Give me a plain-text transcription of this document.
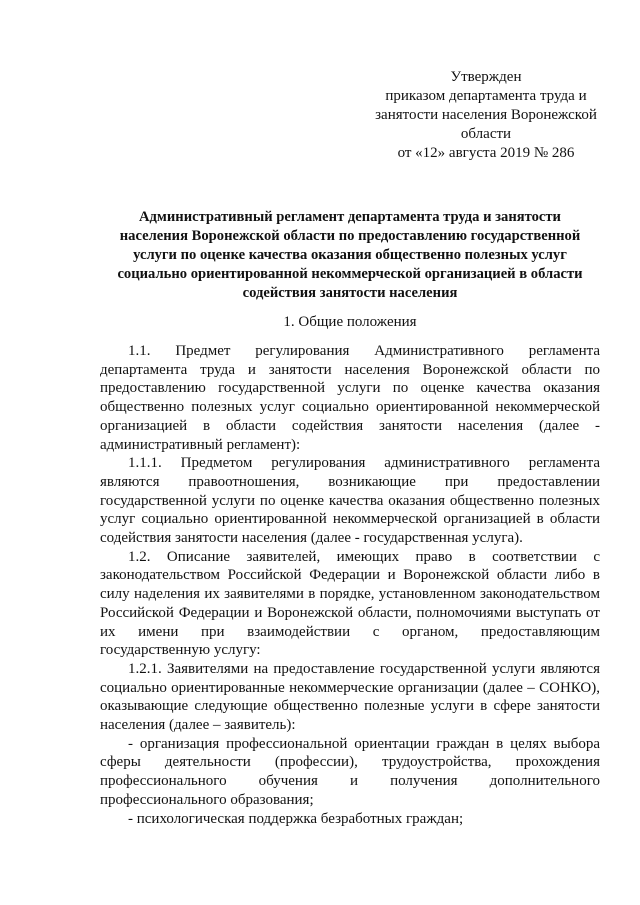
Утвержден
приказом департамента труда и
занятости населения Воронежской
области
от «12» августа 2019 № 286
Административный регламент департамента труда и занятости
населения Воронежской области по предоставлению государственной
услуги по оценке качества оказания общественно полезных услуг
социально ориентированной некоммерческой организацией в области
содействия занятости населения
1. Общие положения
1.1. Предмет регулирования Административного регламента
департамента труда и занятости населения Воронежской области по
предоставлению государственной услуги по оценке качества оказания
общественно полезных услуг социально ориентированной некоммерческой
организацией в области содействия занятости населения (далее -
административный регламент):
1.1.1. Предметом регулирования административного регламента
являются правоотношения, возникающие при предоставлении
государственной услуги по оценке качества оказания общественно полезных
услуг социально ориентированной некоммерческой организацией в области
содействия занятости населения (далее - государственная услуга).
1.2. Описание заявителей, имеющих право в соответствии с
законодательством Российской Федерации и Воронежской области либо в
силу наделения их заявителями в порядке, установленном законодательством
Российской Федерации и Воронежской области, полномочиями выступать от
их имени при взаимодействии с органом, предоставляющим
государственную услугу:
1.2.1. Заявителями на предоставление государственной услуги являются
социально ориентированные некоммерческие организации (далее – СОНКО),
оказывающие следующие общественно полезные услуги в сфере занятости
населения (далее – заявитель):
- организация профессиональной ориентации граждан в целях выбора
сферы деятельности (профессии), трудоустройства, прохождения
профессионального обучения и получения дополнительного
профессионального образования;
- психологическая поддержка безработных граждан;
